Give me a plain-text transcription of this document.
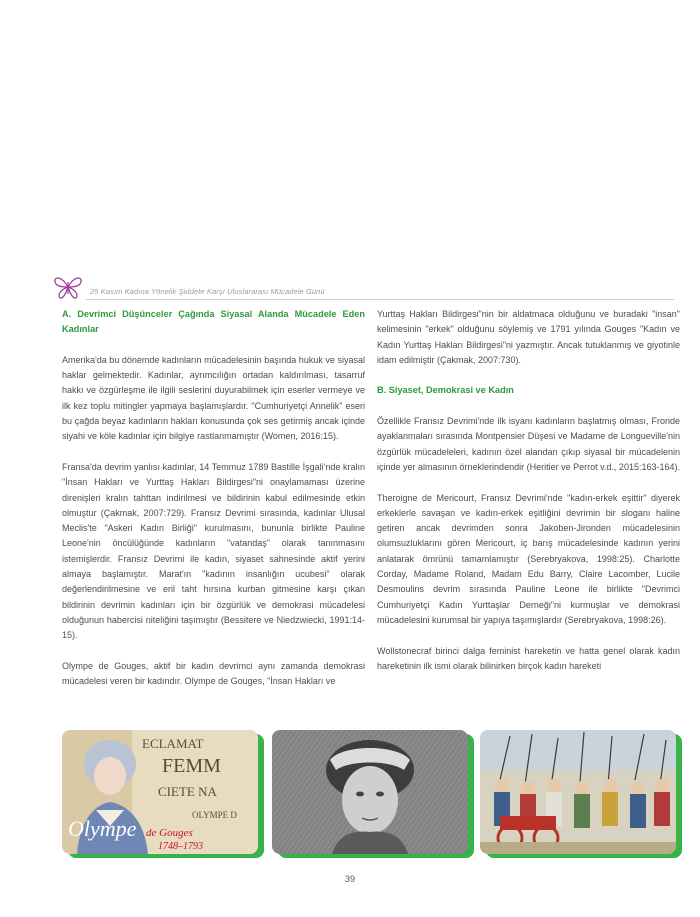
25 Kasım Kadına Yönelik Şiddete Karşı Uluslararası Mücadele Günü

A. Devrimci Düşünceler Çağında Siyasal Alanda Mücadele Eden Kadınlar

Amerika'da bu dönemde kadınların mücadelesinin başında hukuk ve siyasal haklar gelmektedir. Kadınlar, ayrımcılığın ortadan kaldırılması, tasarruf hakkı ve özgürleşme ile ilgili seslerini duyurabilmek için eserler vermeye ve ilk kez toplu mitingler yapmaya başlamışlardır. "Cumhuriyetçi Annelik" eseri bu çağda beyaz kadınların hakları konusunda çok ses getirmiş ancak içinde siyahi ve köle kadınlar için bilgiye rastlanmamıştır (Women, 2016:15).

Fransa'da devrim yanlısı kadınlar, 14 Temmuz 1789 Bastille İşgali'nde kralın "İnsan Hakları ve Yurttaş Hakları Bildirgesi"ni onaylamaması üzerine direnişleri kralın tahttan indirilmesi ve bildirinin kabul edilmesinde etkin olmuştur (Çakmak, 2007:729). Fransız Devrimi sırasında, kadınlar Ulusal Meclis'te "Askeri Kadın Birliği" kurulmasını, bununla birlikte Pauline Leone'nin öncülüğünde kadınların "vatandaş" olarak tanınmasını istemişlerdir. Fransız Devrimi ile kadın, siyaset sahnesinde aktif yerini almaya başlamıştır. Marat'ın "kadının insanlığın ucubesi" olarak değerlendirilmesine ve eril taht hırsına kurban gitmesine karşı çıkan bildirinin devrimin kadınları için bir özgürlük ve demokrasi mücadelesi olduğunun habercisi niteliğini taşımıştır (Bessitere ve Niedzwiecki, 1991:14-15).

Olympe de Gouges, aktif bir kadın devrimci aynı zamanda demokrasi mücadelesi veren bir kadındır. Olympe de Gouges, "İnsan Hakları ve

Yurttaş Hakları Bildirgesi"nin bir aldatmaca olduğunu ve buradaki "insan" kelimesinin "erkek" olduğunu söylemiş ve 1791 yılında Gouges "Kadın ve Kadın Yurttaş Hakları Bildirgesi"ni yazmıştır. Ancak tutuklanmış ve giyotinle idam edilmiştir (Çakmak, 2007:730).

B. Siyaset, Demokrasi ve Kadın

Özellikle Fransız Devrimi'nde ilk isyanı kadınların başlatmış olması, Fronde ayaklanmaları sırasında Montpensier Düşesi ve Madame de Longueville'nin özgürlük mücadeleleri, kadının özel alandan çıkıp siyasal bir mücadelenin içinde yer almasının örneklerindendir (Heritier ve Perrot v.d., 2015:163-164).

Theroigne de Mericourt, Fransız Devrimi'nde "kadın-erkek eşittir" diyerek erkeklerle savaşan ve kadın-erkek eşitliğini devrimin bir sloganı haline getiren ancak devrimden sonra Jakoben-Jironden mücadelesinin olumsuzluklarını gören Mericourt, iç barış mücadelesinde kadının yerini anlatarak ömrünü tamamlamıştır (Serebryakova, 1998:25). Charlotte Corday, Madame Roland, Madam Edu Barry, Claire Lacomber, Lucile Desmoulins devrim sırasında Pauline Leone ile birlikte "Devrimci Cumhuriyetçi Kadın Yurttaşlar Derneği"ni kurmuşlar ve demokrasi mücadelesini kurumsal bir yapıya taşımışlardır (Serebryakova, 1998:26).

Wollstonecraf birinci dalga feminist hareketin ve hatta genel olarak kadın hareketinin ilk ismi olarak bilinirken birçok kadın hareketi

ECLAMAT
FEMM
CIETE NA
OLYMPE D
Olympe de Gouges
1748–1793
39
